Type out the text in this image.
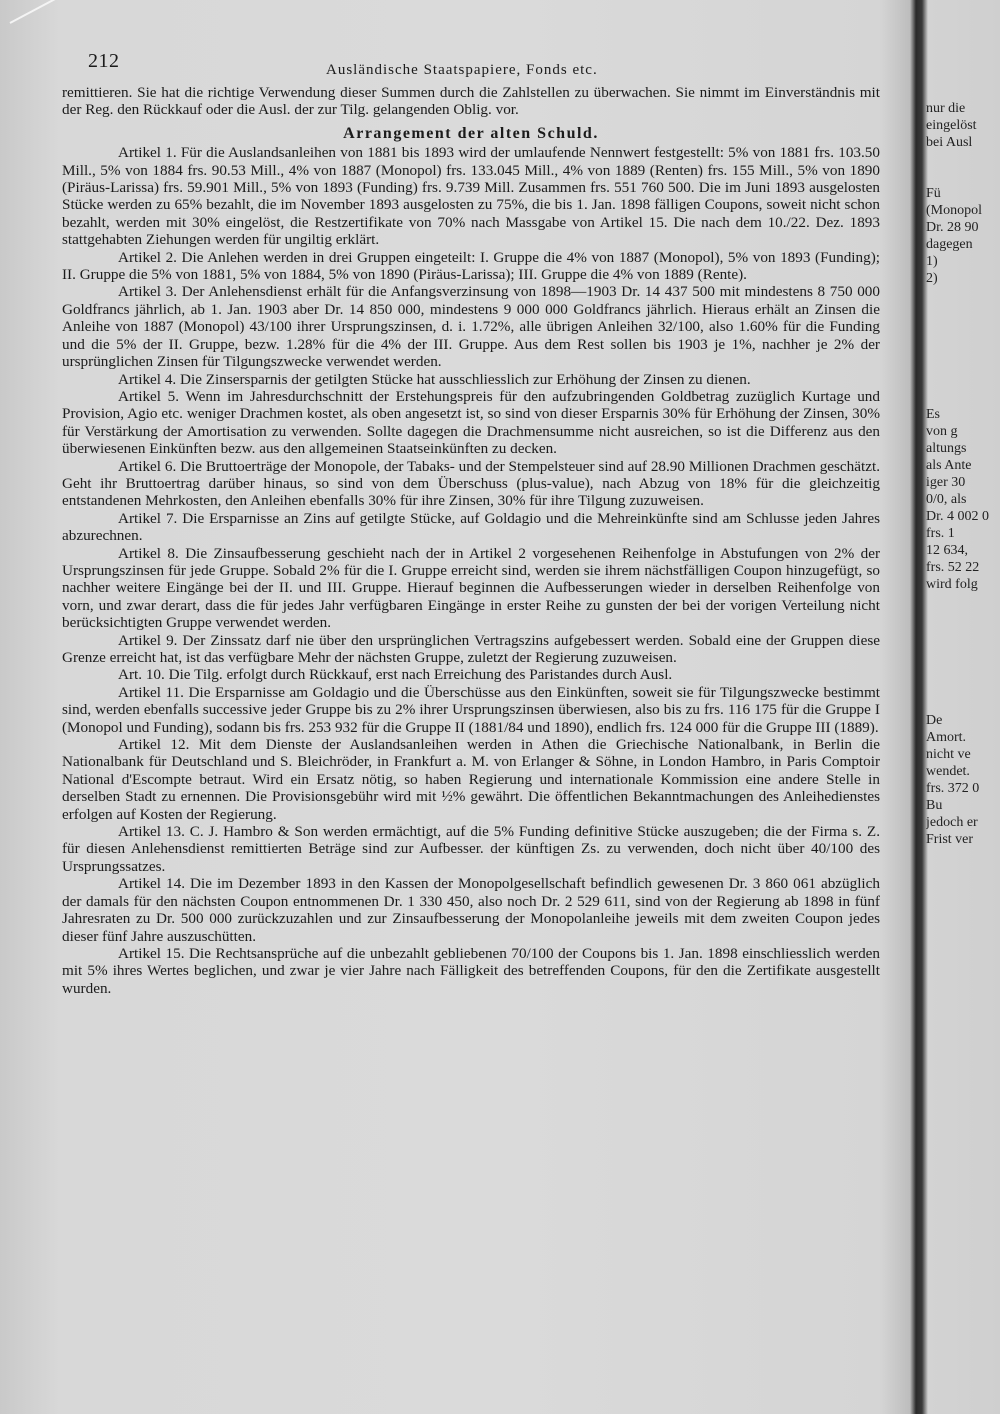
212	Ausländische Staatspapiere, Fonds etc.

remittieren. Sie hat die richtige Verwendung dieser Summen durch die Zahlstellen zu überwachen. Sie nimmt im Einverständnis mit der Reg. den Rückkauf oder die Ausl. der zur Tilg. gelangenden Oblig. vor.

Arrangement der alten Schuld.

Artikel 1. Für die Auslandsanleihen von 1881 bis 1893 wird der umlaufende Nennwert festgestellt: 5% von 1881 frs. 103.50 Mill., 5% von 1884 frs. 90.53 Mill., 4% von 1887 (Monopol) frs. 133.045 Mill., 4% von 1889 (Renten) frs. 155 Mill., 5% von 1890 (Piräus-Larissa) frs. 59.901 Mill., 5% von 1893 (Funding) frs. 9.739 Mill. Zusammen frs. 551 760 500. Die im Juni 1893 ausgelosten Stücke werden zu 65% bezahlt, die im November 1893 ausgelosten zu 75%, die bis 1. Jan. 1898 fälligen Coupons, soweit nicht schon bezahlt, werden mit 30% eingelöst, die Restzertifikate von 70% nach Massgabe von Artikel 15. Die nach dem 10./22. Dez. 1893 stattgehabten Ziehungen werden für ungiltig erklärt.

Artikel 2. Die Anlehen werden in drei Gruppen eingeteilt: I. Gruppe die 4% von 1887 (Monopol), 5% von 1893 (Funding); II. Gruppe die 5% von 1881, 5% von 1884, 5% von 1890 (Piräus-Larissa); III. Gruppe die 4% von 1889 (Rente).

Artikel 3. Der Anlehensdienst erhält für die Anfangsverzinsung von 1898—1903 Dr. 14 437 500 mit mindestens 8 750 000 Goldfrancs jährlich, ab 1. Jan. 1903 aber Dr. 14 850 000, mindestens 9 000 000 Goldfrancs jährlich. Hieraus erhält an Zinsen die Anleihe von 1887 (Monopol) 43/100 ihrer Ursprungszinsen, d. i. 1.72%, alle übrigen Anleihen 32/100, also 1.60% für die Funding und die 5% der II. Gruppe, bezw. 1.28% für die 4% der III. Gruppe. Aus dem Rest sollen bis 1903 je 1%, nachher je 2% der ursprünglichen Zinsen für Tilgungszwecke verwendet werden.

Artikel 4. Die Zinsersparnis der getilgten Stücke hat ausschliesslich zur Erhöhung der Zinsen zu dienen.

Artikel 5. Wenn im Jahresdurchschnitt der Erstehungspreis für den aufzubringenden Goldbetrag zuzüglich Kurtage und Provision, Agio etc. weniger Drachmen kostet, als oben angesetzt ist, so sind von dieser Ersparnis 30% für Erhöhung der Zinsen, 30% für Verstärkung der Amortisation zu verwenden. Sollte dagegen die Drachmensumme nicht ausreichen, so ist die Differenz aus den überwiesenen Einkünften bezw. aus den allgemeinen Staatseinkünften zu decken.

Artikel 6. Die Bruttoerträge der Monopole, der Tabaks- und der Stempelsteuer sind auf 28.90 Millionen Drachmen geschätzt. Geht ihr Bruttoertrag darüber hinaus, so sind von dem Überschuss (plus-value), nach Abzug von 18% für die gleichzeitig entstandenen Mehrkosten, den Anleihen ebenfalls 30% für ihre Zinsen, 30% für ihre Tilgung zuzuweisen.

Artikel 7. Die Ersparnisse an Zins auf getilgte Stücke, auf Goldagio und die Mehreinkünfte sind am Schlusse jeden Jahres abzurechnen.

Artikel 8. Die Zinsaufbesserung geschieht nach der in Artikel 2 vorgesehenen Reihenfolge in Abstufungen von 2% der Ursprungszinsen für jede Gruppe. Sobald 2% für die I. Gruppe erreicht sind, werden sie ihrem nächstfälligen Coupon hinzugefügt, so nachher weitere Eingänge bei der II. und III. Gruppe. Hierauf beginnen die Aufbesserungen wieder in derselben Reihenfolge von vorn, und zwar derart, dass die für jedes Jahr verfügbaren Eingänge in erster Reihe zu gunsten der bei der vorigen Verteilung nicht berücksichtigten Gruppe verwendet werden.

Artikel 9. Der Zinssatz darf nie über den ursprünglichen Vertragszins aufgebessert werden. Sobald eine der Gruppen diese Grenze erreicht hat, ist das verfügbare Mehr der nächsten Gruppe, zuletzt der Regierung zuzuweisen.

Art. 10. Die Tilg. erfolgt durch Rückkauf, erst nach Erreichung des Paristandes durch Ausl.

Artikel 11. Die Ersparnisse am Goldagio und die Überschüsse aus den Einkünften, soweit sie für Tilgungszwecke bestimmt sind, werden ebenfalls successive jeder Gruppe bis zu 2% ihrer Ursprungszinsen überwiesen, also bis zu frs. 116 175 für die Gruppe I (Monopol und Funding), sodann bis frs. 253 932 für die Gruppe II (1881/84 und 1890), endlich frs. 124 000 für die Gruppe III (1889).

Artikel 12. Mit dem Dienste der Auslandsanleihen werden in Athen die Griechische Nationalbank, in Berlin die Nationalbank für Deutschland und S. Bleichröder, in Frankfurt a. M. von Erlanger & Söhne, in London Hambro, in Paris Comptoir National d'Escompte betraut. Wird ein Ersatz nötig, so haben Regierung und internationale Kommission eine andere Stelle in derselben Stadt zu ernennen. Die Provisionsgebühr wird mit ½% gewährt. Die öffentlichen Bekanntmachungen des Anleihedienstes erfolgen auf Kosten der Regierung.

Artikel 13. C. J. Hambro & Son werden ermächtigt, auf die 5% Funding definitive Stücke auszugeben; die der Firma s. Z. für diesen Anlehensdienst remittierten Beträge sind zur Aufbesser. der künftigen Zs. zu verwenden, doch nicht über 40/100 des Ursprungssatzes.

Artikel 14. Die im Dezember 1893 in den Kassen der Monopolgesellschaft befindlich gewesenen Dr. 3 860 061 abzüglich der damals für den nächsten Coupon entnommenen Dr. 1 330 450, also noch Dr. 2 529 611, sind von der Regierung ab 1898 in fünf Jahresraten zu Dr. 500 000 zurückzuzahlen und zur Zinsaufbesserung der Monopolanleihe jeweils mit dem zweiten Coupon jedes dieser fünf Jahre auszuschütten.

Artikel 15. Die Rechtsansprüche auf die unbezahlt gebliebenen 70/100 der Coupons bis 1. Jan. 1898 einschliesslich werden mit 5% ihres Wertes beglichen, und zwar je vier Jahre nach Fälligkeit des betreffenden Coupons, für den die Zertifikate ausgestellt wurden.

nur die
eingelöst
bei Ausl
Fü
(Monopol
Dr. 28 90
dagegen
1)
2)
Es
von g
altungs
als Ante
iger 30
0/0, als
Dr. 4 002 0
frs. 1
12 634,
frs. 52 22
wird folg
De
Amort.
nicht ve
wendet.
frs. 372 0
Bu
jedoch er
Frist ver
